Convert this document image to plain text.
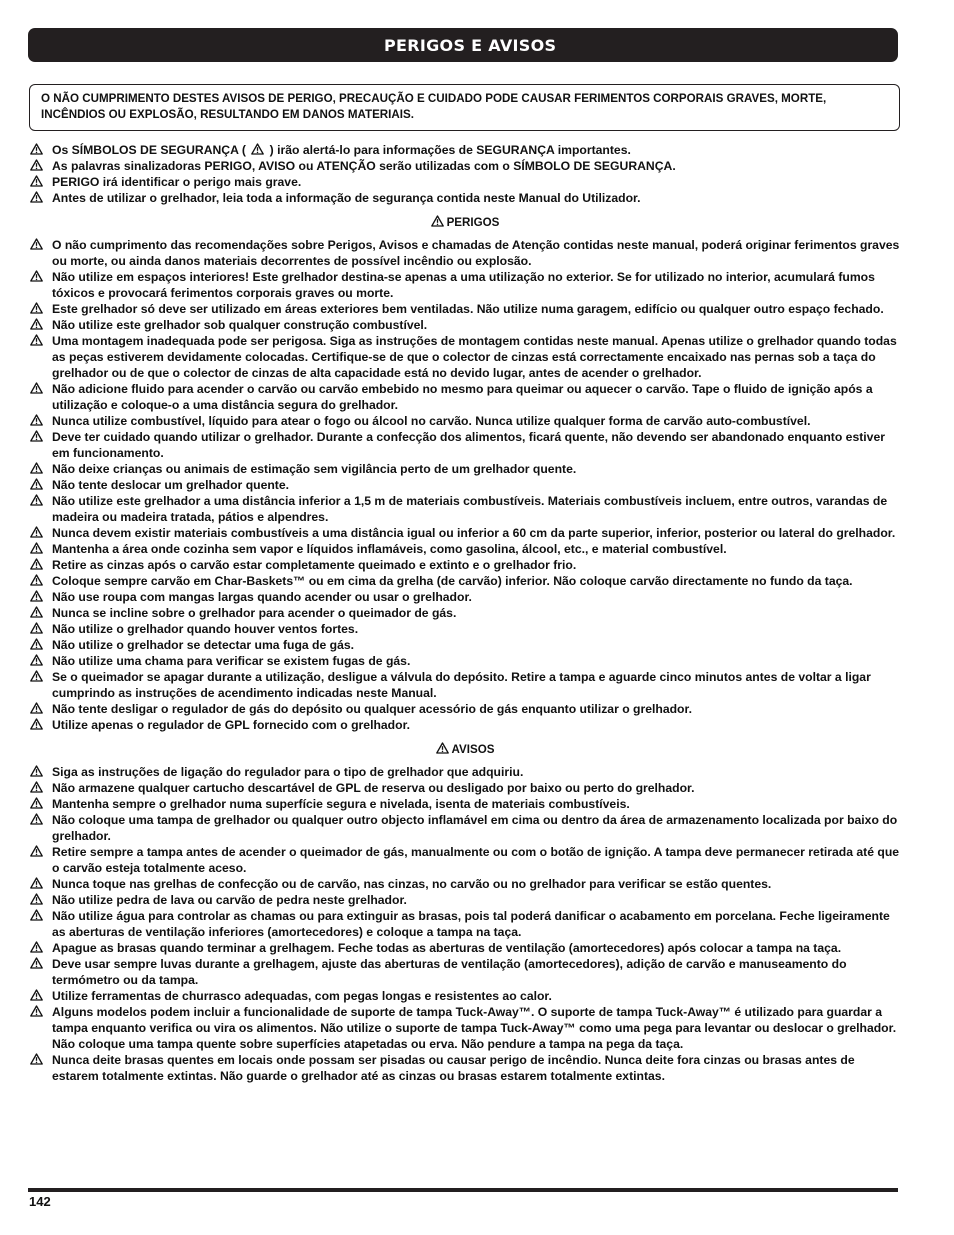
PERIGOS E AVISOS
O NÃO CUMPRIMENTO DESTES AVISOS DE PERIGO, PRECAUÇÃO E CUIDADO PODE CAUSAR FERIMENTOS CORPORAIS GRAVES, MORTE, INCÊNDIOS OU EXPLOSÃO, RESULTANDO EM DANOS MATERIAIS.
Os SÍMBOLOS DE SEGURANÇA ( ) irão alertá-lo para informações de SEGURANÇA importantes.
As palavras sinalizadoras PERIGO, AVISO ou ATENÇÃO serão utilizadas com o SÍMBOLO DE SEGURANÇA.
PERIGO irá identificar o perigo mais grave.
Antes de utilizar o grelhador, leia toda a informação de segurança contida neste Manual do Utilizador.
PERIGOS
O não cumprimento das recomendações sobre Perigos, Avisos e chamadas de Atenção contidas neste manual, poderá originar ferimentos graves ou morte, ou ainda danos materiais decorrentes de possível incêndio ou explosão.
Não utilize em espaços interiores! Este grelhador destina-se apenas a uma utilização no exterior. Se for utilizado no interior, acumulará fumos tóxicos e provocará ferimentos corporais graves ou morte.
Este grelhador só deve ser utilizado em áreas exteriores bem ventiladas. Não utilize numa garagem, edifício ou qualquer outro espaço fechado.
Não utilize este grelhador sob qualquer construção combustível.
Uma montagem inadequada pode ser perigosa. Siga as instruções de montagem contidas neste manual. Apenas utilize o grelhador quando todas as peças estiverem devidamente colocadas. Certifique-se de que o colector de cinzas está correctamente encaixado nas pernas sob a taça do grelhador ou de que o colector de cinzas de alta capacidade está no devido lugar, antes de acender o grelhador.
Não adicione fluido para acender o carvão ou carvão embebido no mesmo para queimar ou aquecer o carvão. Tape o fluido de ignição após a utilização e coloque-o a uma distância segura do grelhador.
Nunca utilize combustível, líquido para atear o fogo ou álcool no carvão. Nunca utilize qualquer forma de carvão auto-combustível.
Deve ter cuidado quando utilizar o grelhador. Durante a confecção dos alimentos, ficará quente, não devendo ser abandonado enquanto estiver em funcionamento.
Não deixe crianças ou animais de estimação sem vigilância perto de um grelhador quente.
Não tente deslocar um grelhador quente.
Não utilize este grelhador a uma distância inferior a 1,5 m de materiais combustíveis. Materiais combustíveis incluem, entre outros, varandas de madeira ou madeira tratada, pátios e alpendres.
Nunca devem existir materiais combustíveis a uma distância igual ou inferior a 60 cm da parte superior, inferior, posterior ou lateral do grelhador.
Mantenha a área onde cozinha sem vapor e líquidos inflamáveis, como gasolina, álcool, etc., e material combustível.
Retire as cinzas após o carvão estar completamente queimado e extinto e o grelhador frio.
Coloque sempre carvão em Char-Baskets™ ou em cima da grelha (de carvão) inferior. Não coloque carvão directamente no fundo da taça.
Não use roupa com mangas largas quando acender ou usar o grelhador.
Nunca se incline sobre o grelhador para acender o queimador de gás.
Não utilize o grelhador quando houver ventos fortes.
Não utilize o grelhador se detectar uma fuga de gás.
Não utilize uma chama para verificar se existem fugas de gás.
Se o queimador se apagar durante a utilização, desligue a válvula do depósito. Retire a tampa e aguarde cinco minutos antes de voltar a ligar cumprindo as instruções de acendimento indicadas neste Manual.
Não tente desligar o regulador de gás do depósito ou qualquer acessório de gás enquanto utilizar o grelhador.
Utilize apenas o regulador de GPL fornecido com o grelhador.
AVISOS
Siga as instruções de ligação do regulador para o tipo de grelhador que adquiriu.
Não armazene qualquer cartucho descartável de GPL de reserva ou desligado por baixo ou perto do grelhador.
Mantenha sempre o grelhador numa superfície segura e nivelada, isenta de materiais combustíveis.
Não coloque uma tampa de grelhador ou qualquer outro objecto inflamável em cima ou dentro da área de armazenamento localizada por baixo do grelhador.
Retire sempre a tampa antes de acender o queimador de gás, manualmente ou com o botão de ignição. A tampa deve permanecer retirada até que o carvão esteja totalmente aceso.
Nunca toque nas grelhas de confecção ou de carvão, nas cinzas, no carvão ou no grelhador para verificar se estão quentes.
Não utilize pedra de lava ou carvão de pedra neste grelhador.
Não utilize água para controlar as chamas ou para extinguir as brasas, pois tal poderá danificar o acabamento em porcelana. Feche ligeiramente as aberturas de ventilação inferiores (amortecedores) e coloque a tampa na taça.
Apague as brasas quando terminar a grelhagem. Feche todas as aberturas de ventilação (amortecedores) após colocar a tampa na taça.
Deve usar sempre luvas durante a grelhagem, ajuste das aberturas de ventilação (amortecedores), adição de carvão e manuseamento do termómetro ou da tampa.
Utilize ferramentas de churrasco adequadas, com pegas longas e resistentes ao calor.
Alguns modelos podem incluir a funcionalidade de suporte de tampa Tuck-Away™. O suporte de tampa Tuck-Away™ é utilizado para guardar a tampa enquanto verifica ou vira os alimentos. Não utilize o suporte de tampa Tuck-Away™ como uma pega para levantar ou deslocar o grelhador. Não coloque uma tampa quente sobre superfícies atapetadas ou erva. Não pendure a tampa na pega da taça.
Nunca deite brasas quentes em locais onde possam ser pisadas ou causar perigo de incêndio. Nunca deite fora cinzas ou brasas antes de estarem totalmente extintas. Não guarde o grelhador até as cinzas ou brasas estarem totalmente extintas.
142
